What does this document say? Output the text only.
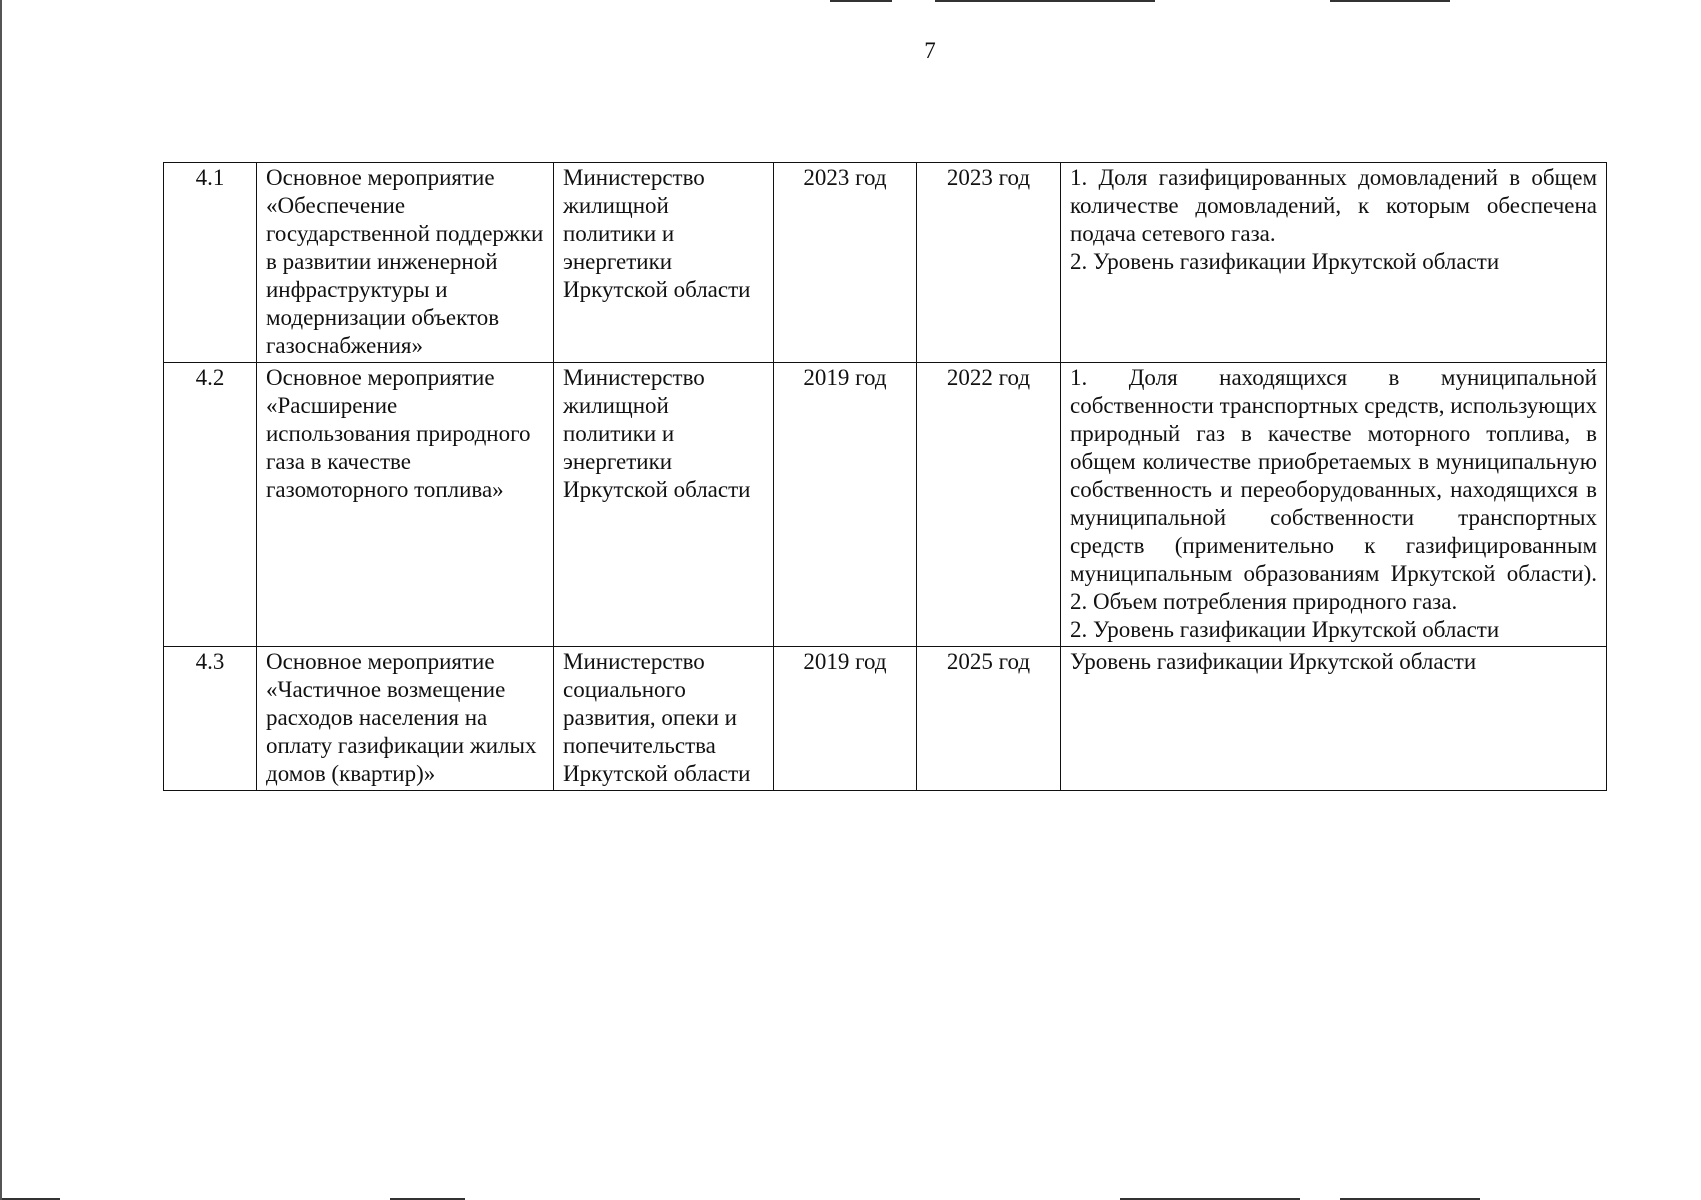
7
4.1	Основное мероприятие «Обеспечение государственной поддержки в развитии инженерной инфраструктуры и модернизации объектов газоснабжения»	Министерство жилищной политики и энергетики Иркутской области	2023 год	2023 год	1. Доля газифицированных домовладений в общем количестве домовладений, к которым обеспечена подача сетевого газа.
2. Уровень газификации Иркутской области

4.2	Основное мероприятие «Расширение использования природного газа в качестве газомоторного топлива»	Министерство жилищной политики и энергетики Иркутской области	2019 год	2022 год	1. Доля находящихся в муниципальной собственности транспортных средств, использующих природный газ в качестве моторного топлива, в общем количестве приобретаемых в муниципальную собственность и переоборудованных, находящихся в муниципальной собственности транспортных средств (применительно к газифицированным муниципальным образованиям Иркутской области). 2. Объем потребления природного газа.
2. Уровень газификации Иркутской области

4.3	Основное мероприятие «Частичное возмещение расходов населения на оплату газификации жилых домов (квартир)»	Министерство социального развития, опеки и попечительства Иркутской области	2019 год	2025 год	Уровень газификации Иркутской области
